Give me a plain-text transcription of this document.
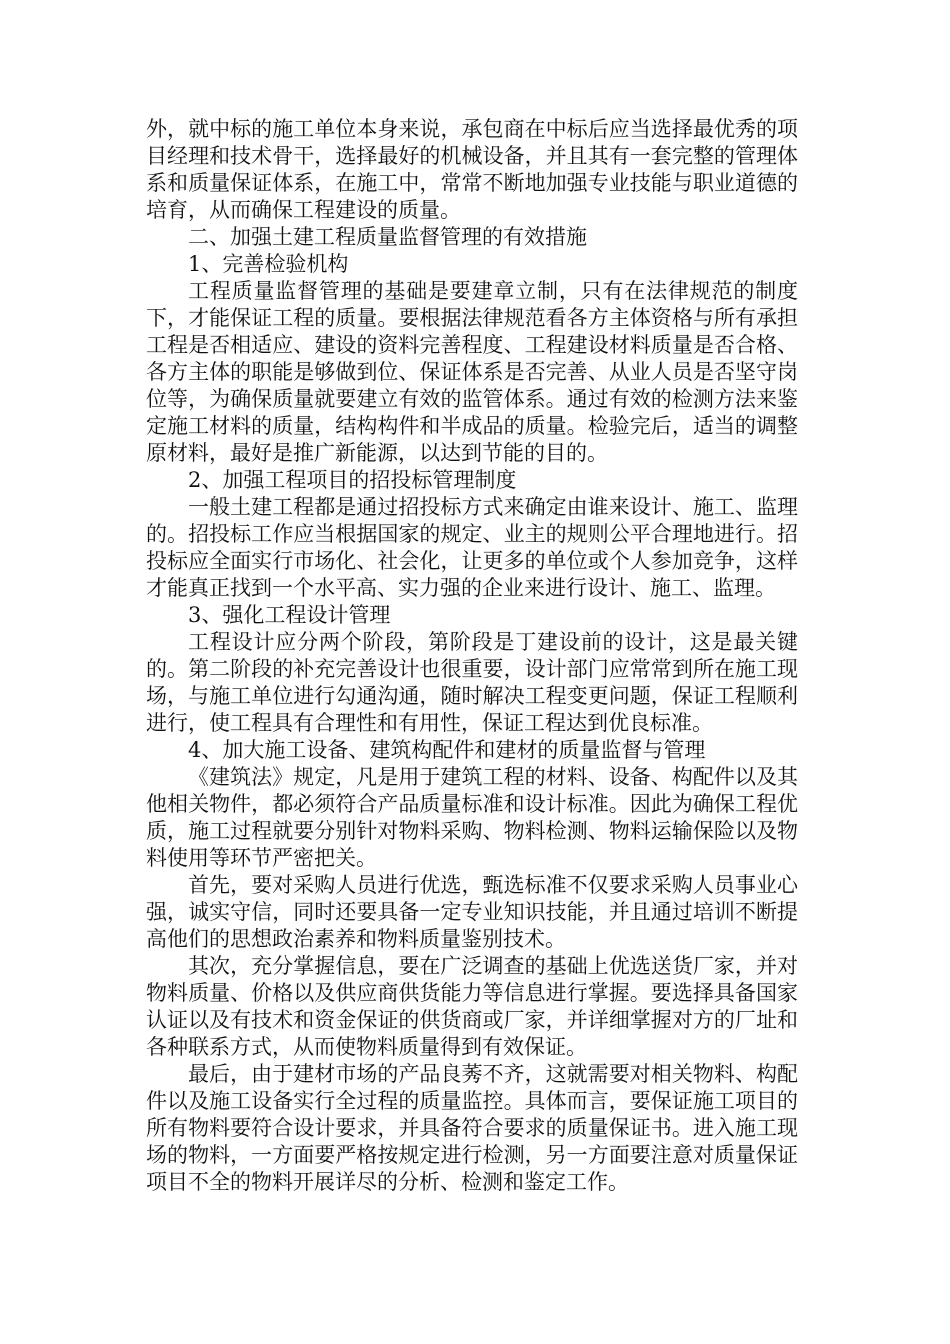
外，就中标的施工单位本身来说，承包商在中标后应当选择最优秀的项目经理和技术骨干，选择最好的机械设备，并且其有一套完整的管理体系和质量保证体系，在施工中，常常不断地加强专业技能与职业道德的培育，从而确保工程建设的质量。

二、加强土建工程质量监督管理的有效措施

1、完善检验机构

工程质量监督管理的基础是要建章立制，只有在法律规范的制度下，才能保证工程的质量。要根据法律规范看各方主体资格与所有承担工程是否相适应、建设的资料完善程度、工程建设材料质量是否合格、各方主体的职能是够做到位、保证体系是否完善、从业人员是否坚守岗位等，为确保质量就要建立有效的监管体系。通过有效的检测方法来鉴定施工材料的质量，结构构件和半成品的质量。检验完后，适当的调整原材料，最好是推广新能源，以达到节能的目的。

2、加强工程项目的招投标管理制度

一般土建工程都是通过招投标方式来确定由谁来设计、施工、监理的。招投标工作应当根据国家的规定、业主的规则公平合理地进行。招投标应全面实行市场化、社会化，让更多的单位或个人参加竞争，这样才能真正找到一个水平高、实力强的企业来进行设计、施工、监理。

3、强化工程设计管理

工程设计应分两个阶段，第阶段是丁建设前的设计，这是最关键的。第二阶段的补充完善设计也很重要，设计部门应常常到所在施工现场，与施工单位进行勾通沟通，随时解决工程变更问题，保证工程顺利进行，使工程具有合理性和有用性，保证工程达到优良标准。

4、加大施工设备、建筑构配件和建材的质量监督与管理

《建筑法》规定，凡是用于建筑工程的材料、设备、构配件以及其他相关物件，都必须符合产品质量标准和设计标准。因此为确保工程优质，施工过程就要分别针对物料采购、物料检测、物料运输保险以及物料使用等环节严密把关。

首先，要对采购人员进行优选，甄选标准不仅要求采购人员事业心强，诚实守信，同时还要具备一定专业知识技能，并且通过培训不断提高他们的思想政治素养和物料质量鉴别技术。

其次，充分掌握信息，要在广泛调查的基础上优选送货厂家，并对物料质量、价格以及供应商供货能力等信息进行掌握。要选择具备国家认证以及有技术和资金保证的供货商或厂家，并详细掌握对方的厂址和各种联系方式，从而使物料质量得到有效保证。

最后，由于建材市场的产品良莠不齐，这就需要对相关物料、构配件以及施工设备实行全过程的质量监控。具体而言，要保证施工项目的所有物料要符合设计要求，并具备符合要求的质量保证书。进入施工现场的物料，一方面要严格按规定进行检测，另一方面要注意对质量保证项目不全的物料开展详尽的分析、检测和鉴定工作。
